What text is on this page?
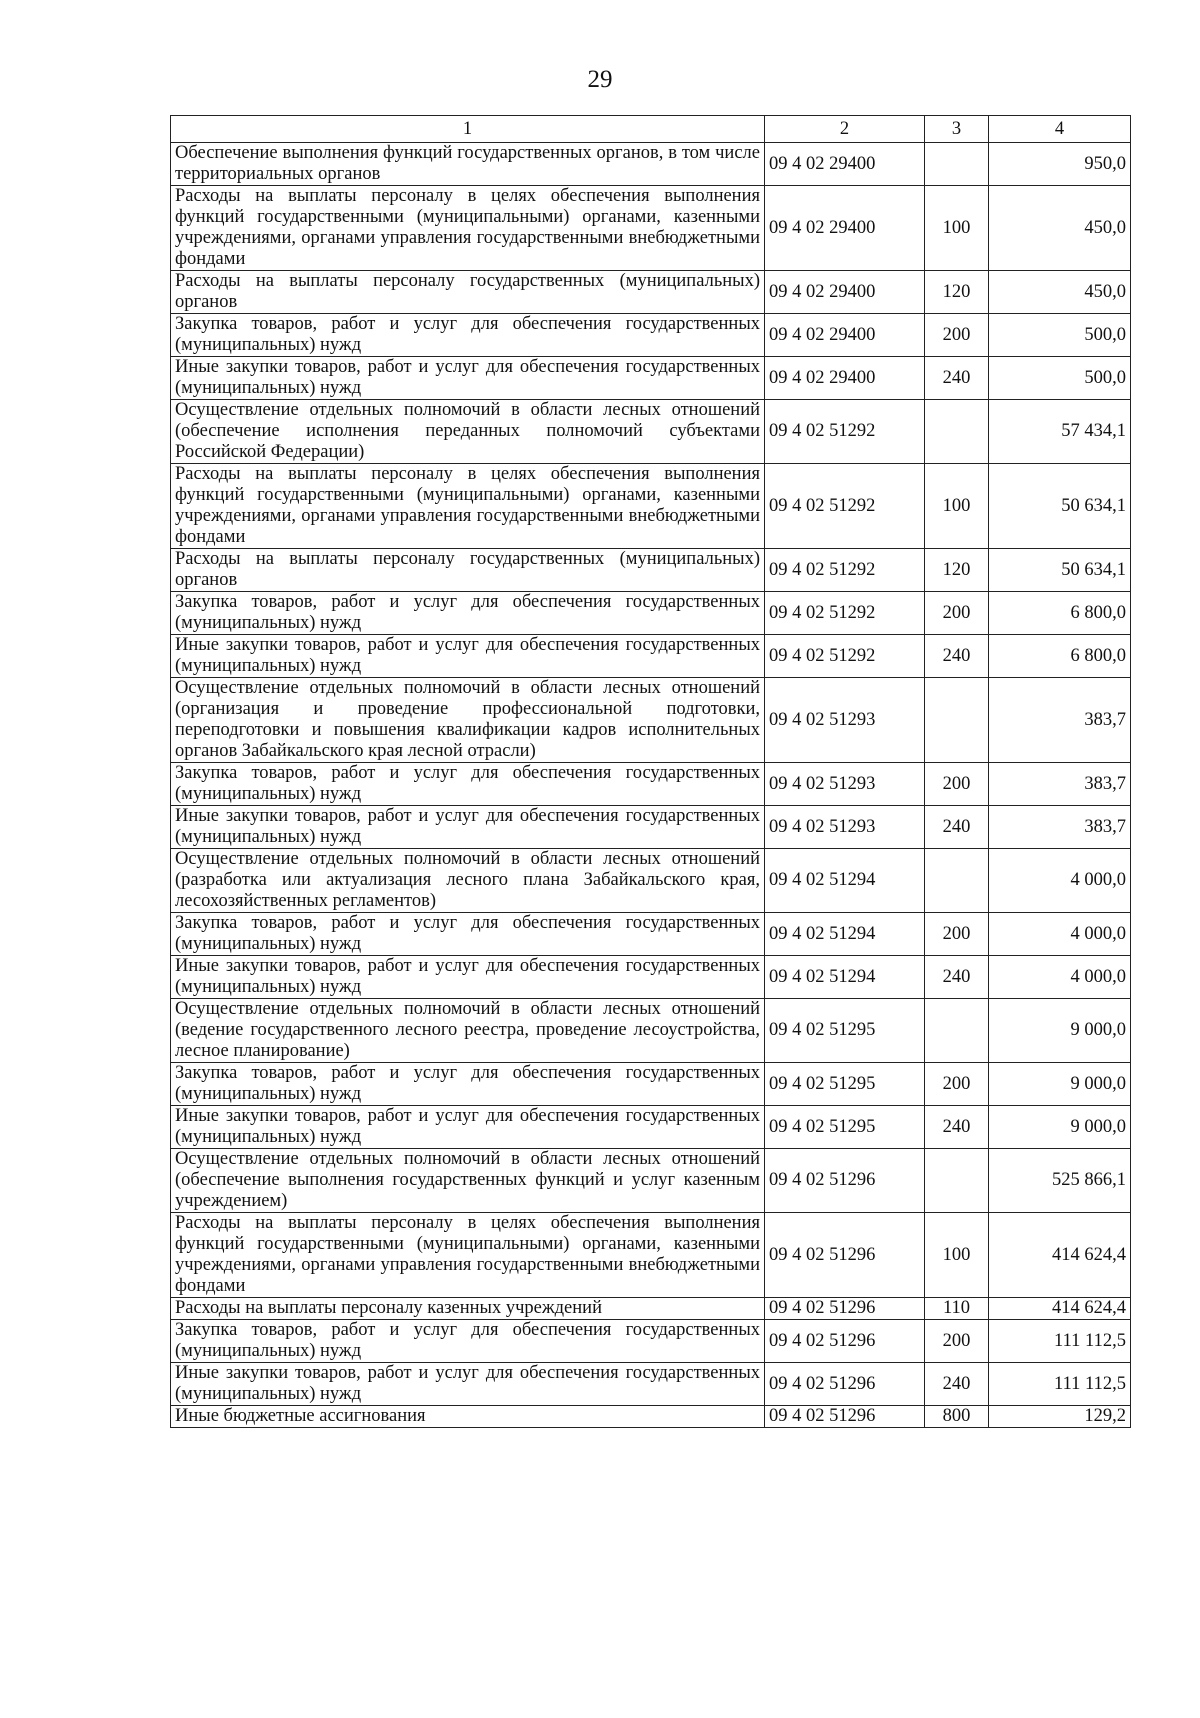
29
1	2	3	4
Обеспечение выполнения функций государственных органов, в том числе территориальных органов	09 4 02 29400		950,0
Расходы на выплаты персоналу в целях обеспечения выполнения функций государственными (муниципальными) органами, казенными учреждениями, органами управления государственными внебюджетными фондами	09 4 02 29400	100	450,0
Расходы на выплаты персоналу государственных (муниципальных) органов	09 4 02 29400	120	450,0
Закупка товаров, работ и услуг для обеспечения государственных (муниципальных) нужд	09 4 02 29400	200	500,0
Иные закупки товаров, работ и услуг для обеспечения государственных (муниципальных) нужд	09 4 02 29400	240	500,0
Осуществление отдельных полномочий в области лесных отношений (обеспечение исполнения переданных полномочий субъектами Российской Федерации)	09 4 02 51292		57 434,1
Расходы на выплаты персоналу в целях обеспечения выполнения функций государственными (муниципальными) органами, казенными учреждениями, органами управления государственными внебюджетными фондами	09 4 02 51292	100	50 634,1
Расходы на выплаты персоналу государственных (муниципальных) органов	09 4 02 51292	120	50 634,1
Закупка товаров, работ и услуг для обеспечения государственных (муниципальных) нужд	09 4 02 51292	200	6 800,0
Иные закупки товаров, работ и услуг для обеспечения государственных (муниципальных) нужд	09 4 02 51292	240	6 800,0
Осуществление отдельных полномочий в области лесных отношений (организация и проведение профессиональной подготовки, переподготовки и повышения квалификации кадров исполнительных органов Забайкальского края лесной отрасли)	09 4 02 51293		383,7
Закупка товаров, работ и услуг для обеспечения государственных (муниципальных) нужд	09 4 02 51293	200	383,7
Иные закупки товаров, работ и услуг для обеспечения государственных (муниципальных) нужд	09 4 02 51293	240	383,7
Осуществление отдельных полномочий в области лесных отношений (разработка или актуализация лесного плана Забайкальского края, лесохозяйственных регламентов)	09 4 02 51294		4 000,0
Закупка товаров, работ и услуг для обеспечения государственных (муниципальных) нужд	09 4 02 51294	200	4 000,0
Иные закупки товаров, работ и услуг для обеспечения государственных (муниципальных) нужд	09 4 02 51294	240	4 000,0
Осуществление отдельных полномочий в области лесных отношений (ведение государственного лесного реестра, проведение лесоустройства, лесное планирование)	09 4 02 51295		9 000,0
Закупка товаров, работ и услуг для обеспечения государственных (муниципальных) нужд	09 4 02 51295	200	9 000,0
Иные закупки товаров, работ и услуг для обеспечения государственных (муниципальных) нужд	09 4 02 51295	240	9 000,0
Осуществление отдельных полномочий в области лесных отношений (обеспечение выполнения государственных функций и услуг казенным учреждением)	09 4 02 51296		525 866,1
Расходы на выплаты персоналу в целях обеспечения выполнения функций государственными (муниципальными) органами, казенными учреждениями, органами управления государственными внебюджетными фондами	09 4 02 51296	100	414 624,4
Расходы на выплаты персоналу казенных учреждений	09 4 02 51296	110	414 624,4
Закупка товаров, работ и услуг для обеспечения государственных (муниципальных) нужд	09 4 02 51296	200	111 112,5
Иные закупки товаров, работ и услуг для обеспечения государственных (муниципальных) нужд	09 4 02 51296	240	111 112,5
Иные бюджетные ассигнования	09 4 02 51296	800	129,2
